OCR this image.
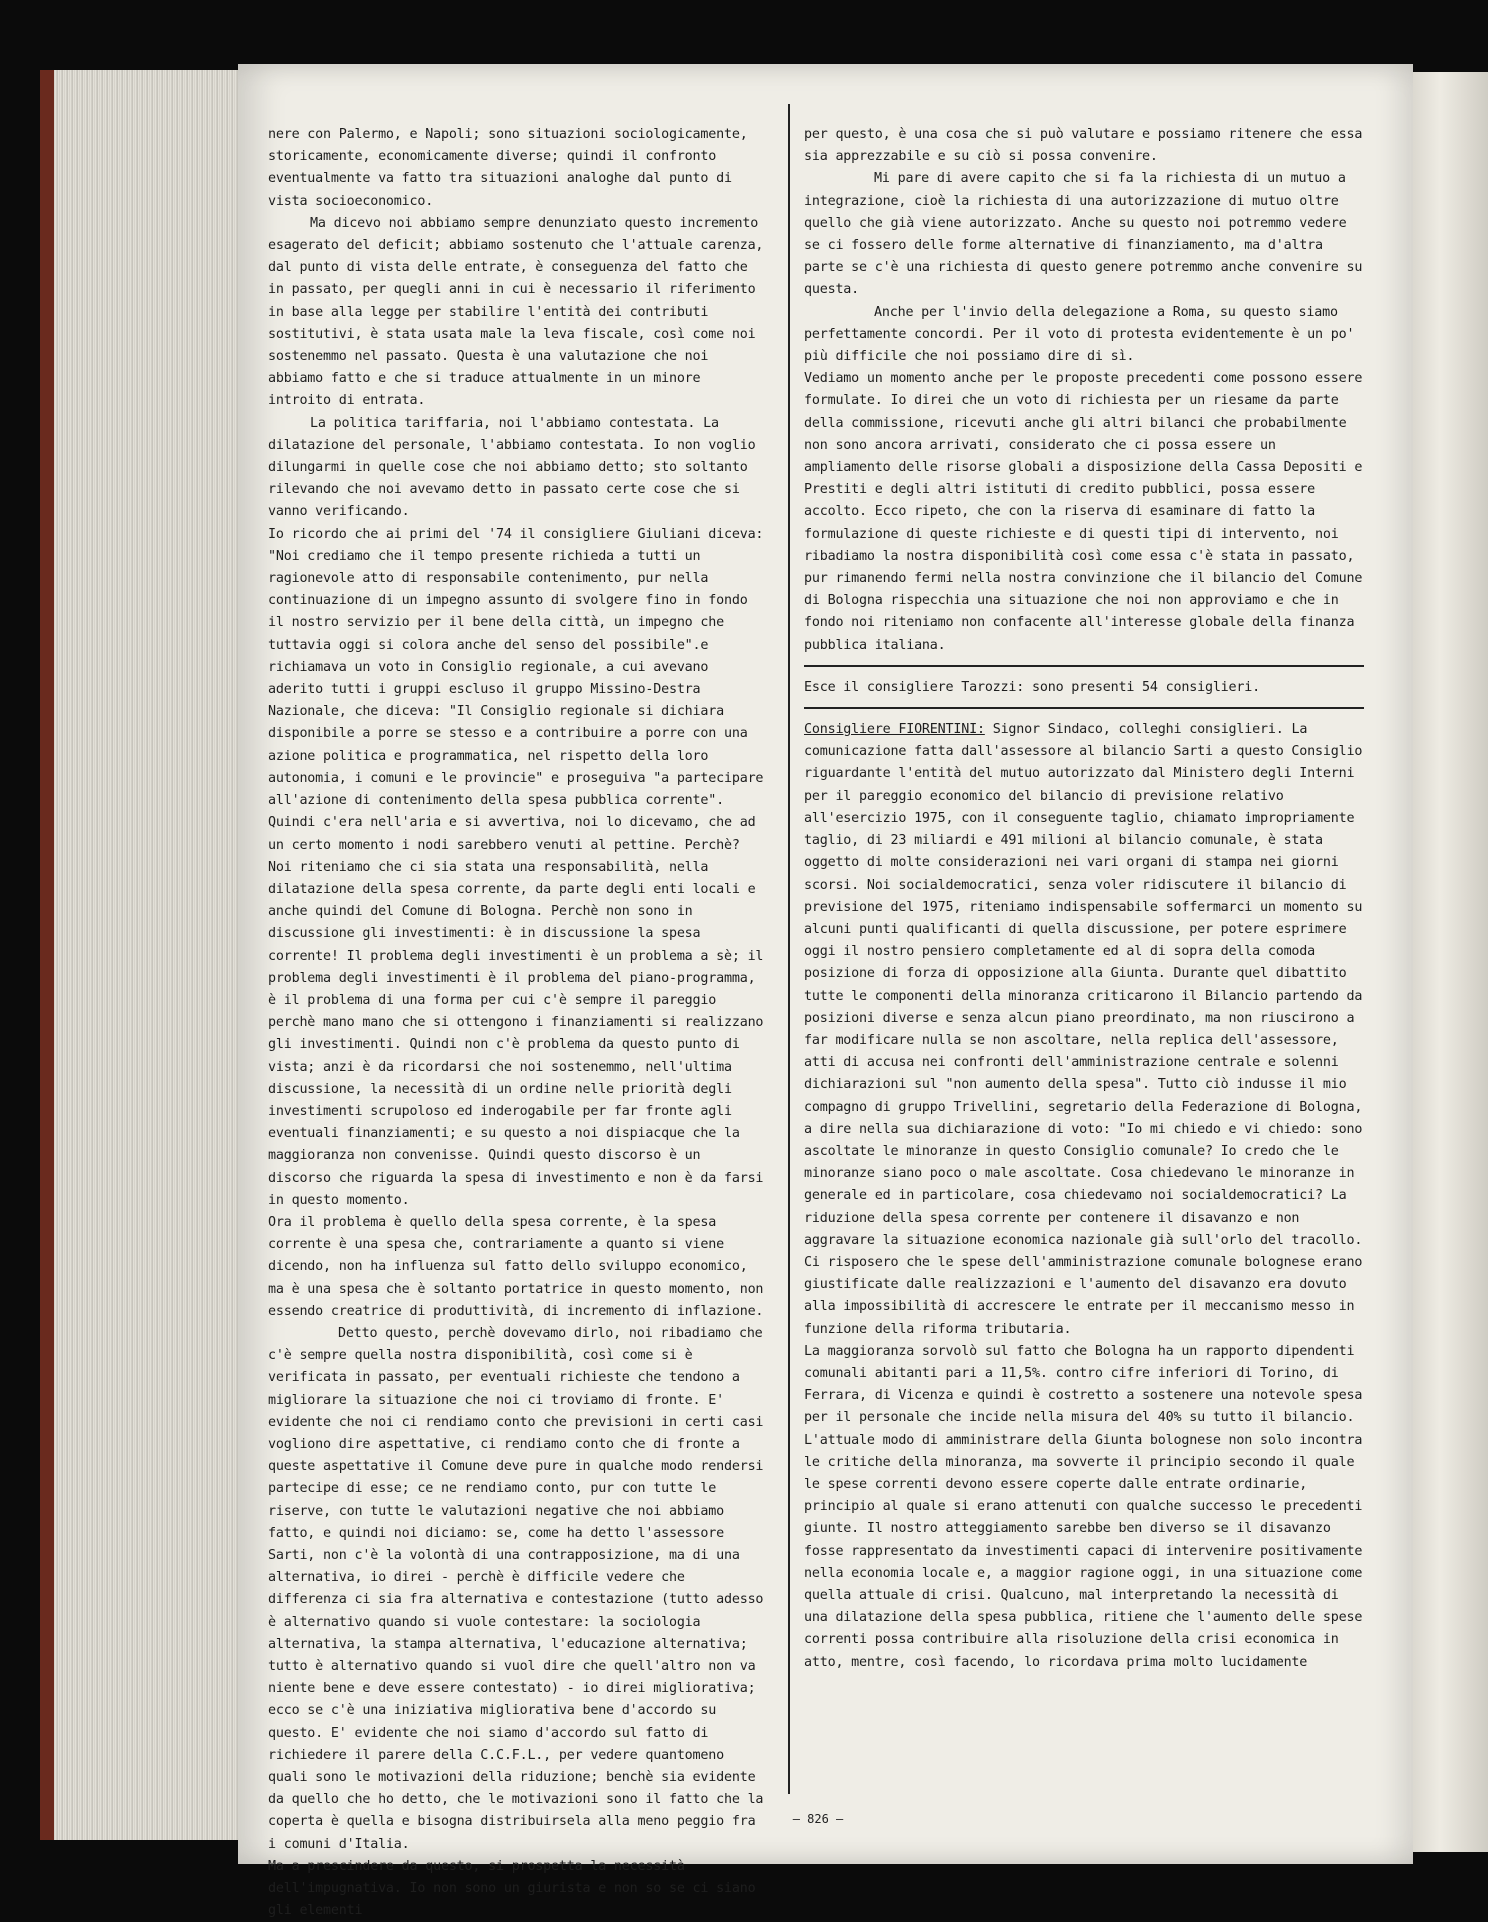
nere con Palermo, e Napoli; sono situazioni sociologicamente, storicamente, economicamente diverse; quindi il confronto eventualmente va fatto tra situazioni analoghe dal punto di vista socioeconomico.

Ma dicevo noi abbiamo sempre denunziato questo incremento esagerato del deficit; abbiamo sostenuto che l'attuale carenza, dal punto di vista delle entrate, è conseguenza del fatto che in passato, per quegli anni in cui è necessario il riferimento in base alla legge per stabilire l'entità dei contributi sostitutivi, è stata usata male la leva fiscale, così come noi sostenemmo nel passato. Questa è una valutazione che noi abbiamo fatto e che si traduce attualmente in un minore introito di entrata.

La politica tariffaria, noi l'abbiamo contestata. La dilatazione del personale, l'abbiamo contestata. Io non voglio dilungarmi in quelle cose che noi abbiamo detto; sto soltanto rilevando che noi avevamo detto in passato certe cose che si vanno verificando.

Io ricordo che ai primi del '74 il consigliere Giuliani diceva: "Noi crediamo che il tempo presente richieda a tutti un ragionevole atto di responsabile contenimento, pur nella continuazione di un impegno assunto di svolgere fino in fondo il nostro servizio per il bene della città, un impegno che tuttavia oggi si colora anche del senso del possibile".e richiamava un voto in Consiglio regionale, a cui avevano aderito tutti i gruppi escluso il gruppo Missino-Destra Nazionale, che diceva: "Il Consiglio regionale si dichiara disponibile a porre se stesso e a contribuire a porre con una azione politica e programmatica, nel rispetto della loro autonomia, i comuni e le provincie" e proseguiva "a partecipare all'azione di contenimento della spesa pubblica corrente". Quindi c'era nell'aria e si avvertiva, noi lo dicevamo, che ad un certo momento i nodi sarebbero venuti al pettine. Perchè? Noi riteniamo che ci sia stata una responsabilità, nella dilatazione della spesa corrente, da parte degli enti locali e anche quindi del Comune di Bologna. Perchè non sono in discussione gli investimenti: è in discussione la spesa corrente! Il problema degli investimenti è un problema a sè; il problema degli investimenti è il problema del piano-programma, è il problema di una forma per cui c'è sempre il pareggio perchè mano mano che si ottengono i finanziamenti si realizzano gli investimenti. Quindi non c'è problema da questo punto di vista; anzi è da ricordarsi che noi sostenemmo, nell'ultima discussione, la necessità di un ordine nelle priorità degli investimenti scrupoloso ed inderogabile per far fronte agli eventuali finanziamenti; e su questo a noi dispiacque che la maggioranza non convenisse. Quindi questo discorso è un discorso che riguarda la spesa di investimento e non è da farsi in questo momento.

Ora il problema è quello della spesa corrente, è la spesa corrente è una spesa che, contrariamente a quanto si viene dicendo, non ha influenza sul fatto dello sviluppo economico, ma è una spesa che è soltanto portatrice in questo momento, non essendo creatrice di produttività, di incremento di inflazione.

Detto questo, perchè dovevamo dirlo, noi ribadiamo che c'è sempre quella nostra disponibilità, così come si è verificata in passato, per eventuali richieste che tendono a migliorare la situazione che noi ci troviamo di fronte. E' evidente che noi ci rendiamo conto che previsioni in certi casi vogliono dire aspettative, ci rendiamo conto che di fronte a queste aspettative il Comune deve pure in qualche modo rendersi partecipe di esse; ce ne rendiamo conto, pur con tutte le riserve, con tutte le valutazioni negative che noi abbiamo fatto, e quindi noi diciamo: se, come ha detto l'assessore Sarti, non c'è la volontà di una contrapposizione, ma di una alternativa, io direi - perchè è difficile vedere che differenza ci sia fra alternativa e contestazione (tutto adesso è alternativo quando si vuole contestare: la sociologia alternativa, la stampa alternativa, l'educazione alternativa; tutto è alternativo quando si vuol dire che quell'altro non va niente bene e deve essere contestato) - io direi migliorativa; ecco se c'è una iniziativa migliorativa bene d'accordo su questo. E' evidente che noi siamo d'accordo sul fatto di richiedere il parere della C.C.F.L., per vedere quantomeno quali sono le motivazioni della riduzione; benchè sia evidente da quello che ho detto, che le motivazioni sono il fatto che la coperta è quella e bisogna distribuirsela alla meno peggio fra i comuni d'Italia.

Ma a prescindere da questo, si prospetta la necessità dell'impugnativa. Io non sono un giurista e non so se ci siano gli elementi

per questo, è una cosa che si può valutare e possiamo ritenere che essa sia apprezzabile e su ciò si possa convenire.

Mi pare di avere capito che si fa la richiesta di un mutuo a integrazione, cioè la richiesta di una autorizzazione di mutuo oltre quello che già viene autorizzato. Anche su questo noi potremmo vedere se ci fossero delle forme alternative di finanziamento, ma d'altra parte se c'è una richiesta di questo genere potremmo anche convenire su questa.

Anche per l'invio della delegazione a Roma, su questo siamo perfettamente concordi. Per il voto di protesta evidentemente è un po' più difficile che noi possiamo dire di sì.

Vediamo un momento anche per le proposte precedenti come possono essere formulate. Io direi che un voto di richiesta per un riesame da parte della commissione, ricevuti anche gli altri bilanci che probabilmente non sono ancora arrivati, considerato che ci possa essere un ampliamento delle risorse globali a disposizione della Cassa Depositi e Prestiti e degli altri istituti di credito pubblici, possa essere accolto. Ecco ripeto, che con la riserva di esaminare di fatto la formulazione di queste richieste e di questi tipi di intervento, noi ribadiamo la nostra disponibilità così come essa c'è stata in passato, pur rimanendo fermi nella nostra convinzione che il bilancio del Comune di Bologna rispecchia una situazione che noi non approviamo e che in fondo noi riteniamo non confacente all'interesse globale della finanza pubblica italiana.

Esce il consigliere Tarozzi: sono presenti 54 consiglieri.

Consigliere FIORENTINI: Signor Sindaco, colleghi consiglieri. La comunicazione fatta dall'assessore al bilancio Sarti a questo Consiglio riguardante l'entità del mutuo autorizzato dal Ministero degli Interni per il pareggio economico del bilancio di previsione relativo all'esercizio 1975, con il conseguente taglio, chiamato impropriamente taglio, di 23 miliardi e 491 milioni al bilancio comunale, è stata oggetto di molte considerazioni nei vari organi di stampa nei giorni scorsi. Noi socialdemocratici, senza voler ridiscutere il bilancio di previsione del 1975, riteniamo indispensabile soffermarci un momento su alcuni punti qualificanti di quella discussione, per potere esprimere oggi il nostro pensiero completamente ed al di sopra della comoda posizione di forza di opposizione alla Giunta. Durante quel dibattito tutte le componenti della minoranza criticarono il Bilancio partendo da posizioni diverse e senza alcun piano preordinato, ma non riuscirono a far modificare nulla se non ascoltare, nella replica dell'assessore, atti di accusa nei confronti dell'amministrazione centrale e solenni dichiarazioni sul "non aumento della spesa". Tutto ciò indusse il mio compagno di gruppo Trivellini, segretario della Federazione di Bologna, a dire nella sua dichiarazione di voto: "Io mi chiedo e vi chiedo: sono ascoltate le minoranze in questo Consiglio comunale? Io credo che le minoranze siano poco o male ascoltate. Cosa chiedevano le minoranze in generale ed in particolare, cosa chiedevamo noi socialdemocratici? La riduzione della spesa corrente per contenere il disavanzo e non aggravare la situazione economica nazionale già sull'orlo del tracollo. Ci risposero che le spese dell'amministrazione comunale bolognese erano giustificate dalle realizzazioni e l'aumento del disavanzo era dovuto alla impossibilità di accrescere le entrate per il meccanismo messo in funzione della riforma tributaria.

La maggioranza sorvolò sul fatto che Bologna ha un rapporto dipendenti comunali abitanti pari a 11,5%. contro cifre inferiori di Torino, di Ferrara, di Vicenza e quindi è costretto a sostenere una notevole spesa per il personale che incide nella misura del 40% su tutto il bilancio. L'attuale modo di amministrare della Giunta bolognese non solo incontra le critiche della minoranza, ma sovverte il principio secondo il quale le spese correnti devono essere coperte dalle entrate ordinarie, principio al quale si erano attenuti con qualche successo le precedenti giunte. Il nostro atteggiamento sarebbe ben diverso se il disavanzo fosse rappresentato da investimenti capaci di intervenire positivamente nella economia locale e, a maggior ragione oggi, in una situazione come quella attuale di crisi. Qualcuno, mal interpretando la necessità di una dilatazione della spesa pubblica, ritiene che l'aumento delle spese correnti possa contribuire alla risoluzione della crisi economica in atto, mentre, così facendo, lo ricordava prima molto lucidamente

— 826 —
